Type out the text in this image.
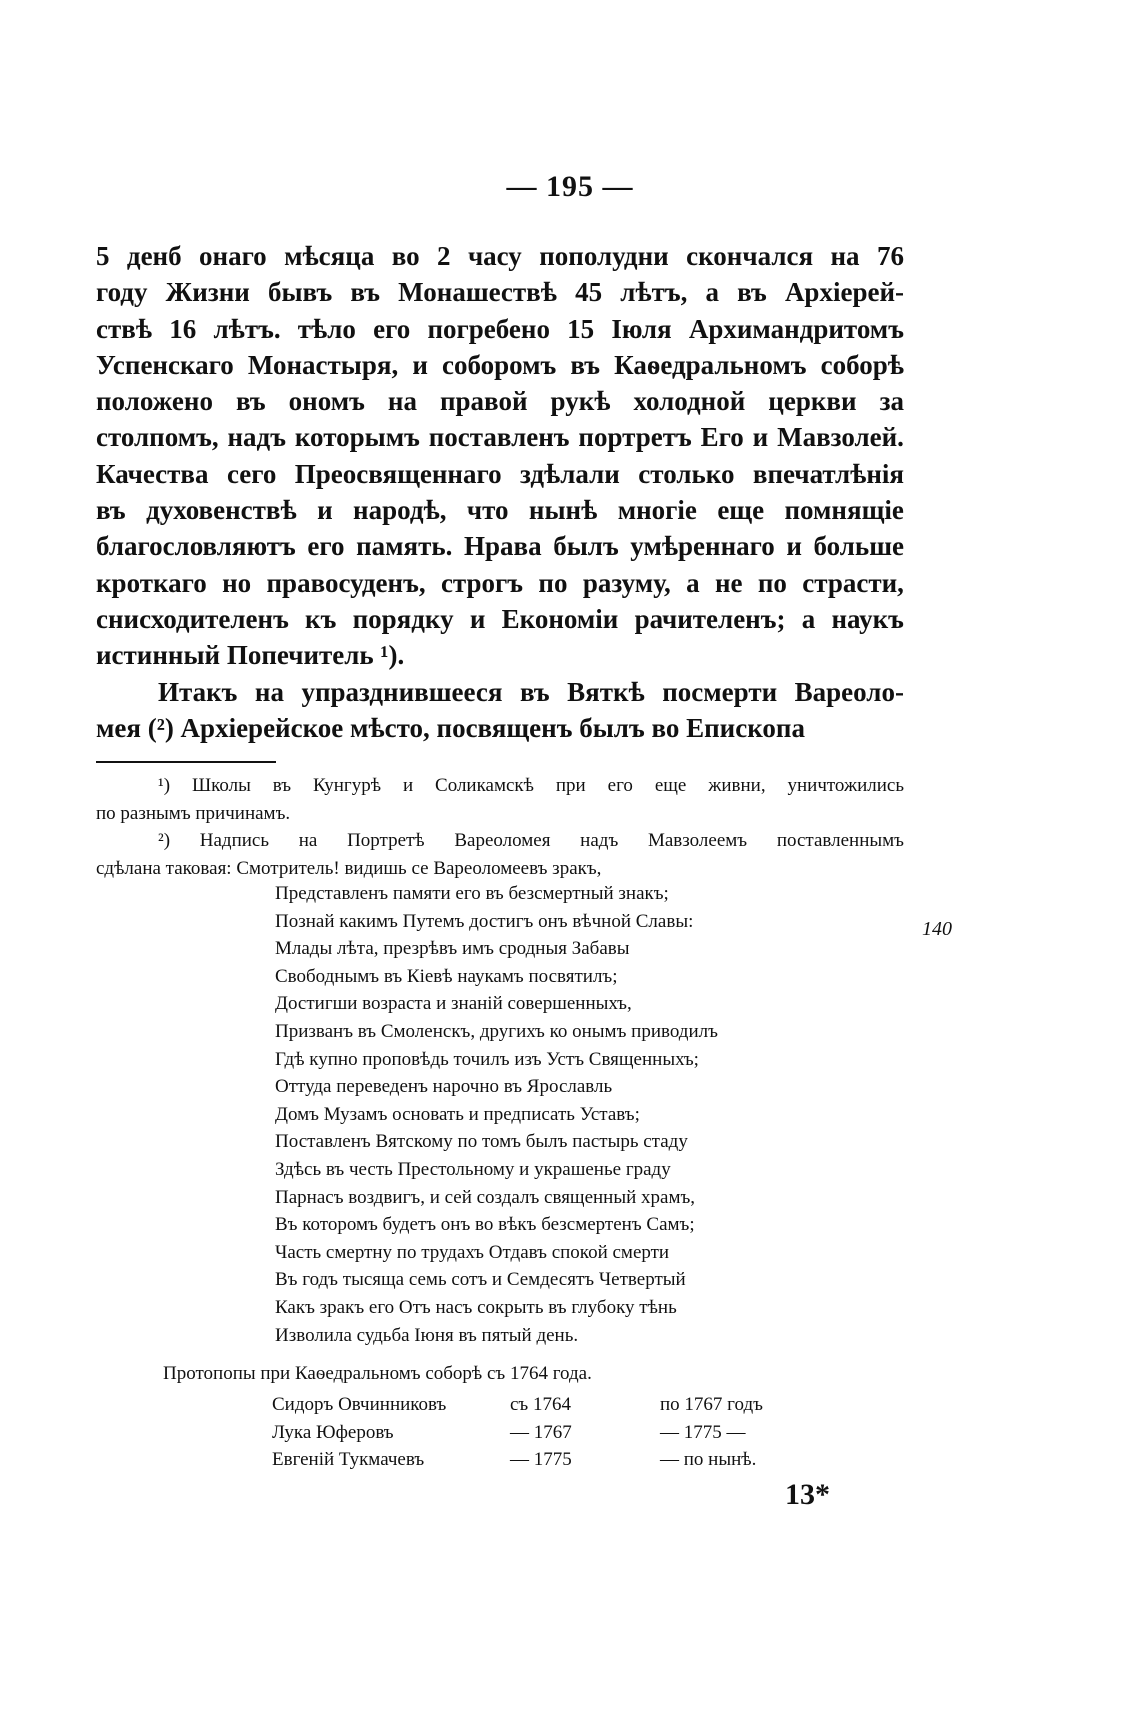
— 195 —
5 денб онаго мѣсяца во 2 часу пополудни скончался на 76
году Жизни бывъ въ Монашествѣ 45 лѣтъ, а въ Архiерей-
ствѣ 16 лѣтъ. тѣло его погребено 15 Iюля Архимандритомъ
Успенскаго Монастыря, и соборомъ въ Каѳедральномъ соборѣ
положено въ ономъ на правой рукѣ холодной церкви за
столпомъ, надъ которымъ поставленъ портретъ Его и Мавзолей.
Качества сего Преосвященнаго здѣлали столько впечатлѣнiя
въ духовенствѣ и народѣ, что нынѣ многiе еще помнящiе
благословляютъ его память. Нрава былъ умѣреннаго и больше
кроткаго но правосуденъ, строгъ по разуму, а не по страсти,
снисходителенъ къ порядку и Економiи рачителенъ; а наукъ
истинный Попечитель ¹).
Итакъ на упразднившееся въ Вяткѣ посмерти Вареоло-
мея (²) Архiерейское мѣсто, посвященъ былъ во Епископа
¹) Школы въ Кунгурѣ и Соликамскѣ при его еще живни, уничтожились
по разнымъ причинамъ.
²) Надпись на Портретѣ Вареоломея надъ Мавзолеемъ поставленнымъ
сдѣлана таковая: Смотритель! видишь се Вареоломеевъ зракъ,
Представленъ памяти его въ безсмертный знакъ;
Познай какимъ Путемъ достигъ онъ вѣчной Славы:
Млады лѣта, презрѣвъ имъ сродныя Забавы
Свободнымъ въ Кiевѣ наукамъ посвятилъ;
Достигши возраста и знанiй совершенныхъ,
Призванъ въ Смоленскъ, другихъ ко онымъ приводилъ
Гдѣ купно проповѣдь точилъ изъ Устъ Священныхъ;
Оттуда переведенъ нарочно въ Ярославль
Домъ Музамъ основать и предписать Уставъ;
Поставленъ Вятскому по томъ былъ пастырь стаду
Здѣсь въ честь Престольному и украшенье граду
Парнасъ воздвигъ, и сей создалъ священный храмъ,
Въ которомъ будетъ онъ во вѣкъ безсмертенъ Самъ;
Часть смертну по трудахъ Отдавъ спокой смерти
Въ годъ тысяща семь сотъ и Семдесятъ Четвертый
Какъ зракъ его Отъ насъ сокрыть въ глубоку тѣнь
Изволила судьба Iюня въ пятый день.
140
Протопопы при Каѳедральномъ соборѣ съ 1764 года.
Сидоръ Овчинниковъ	съ 1764	по 1767 годъ
Лука Юферовъ	— 1767	— 1775 —
Евгенiй Тукмачевъ	— 1775	— по нынѣ.
13*
